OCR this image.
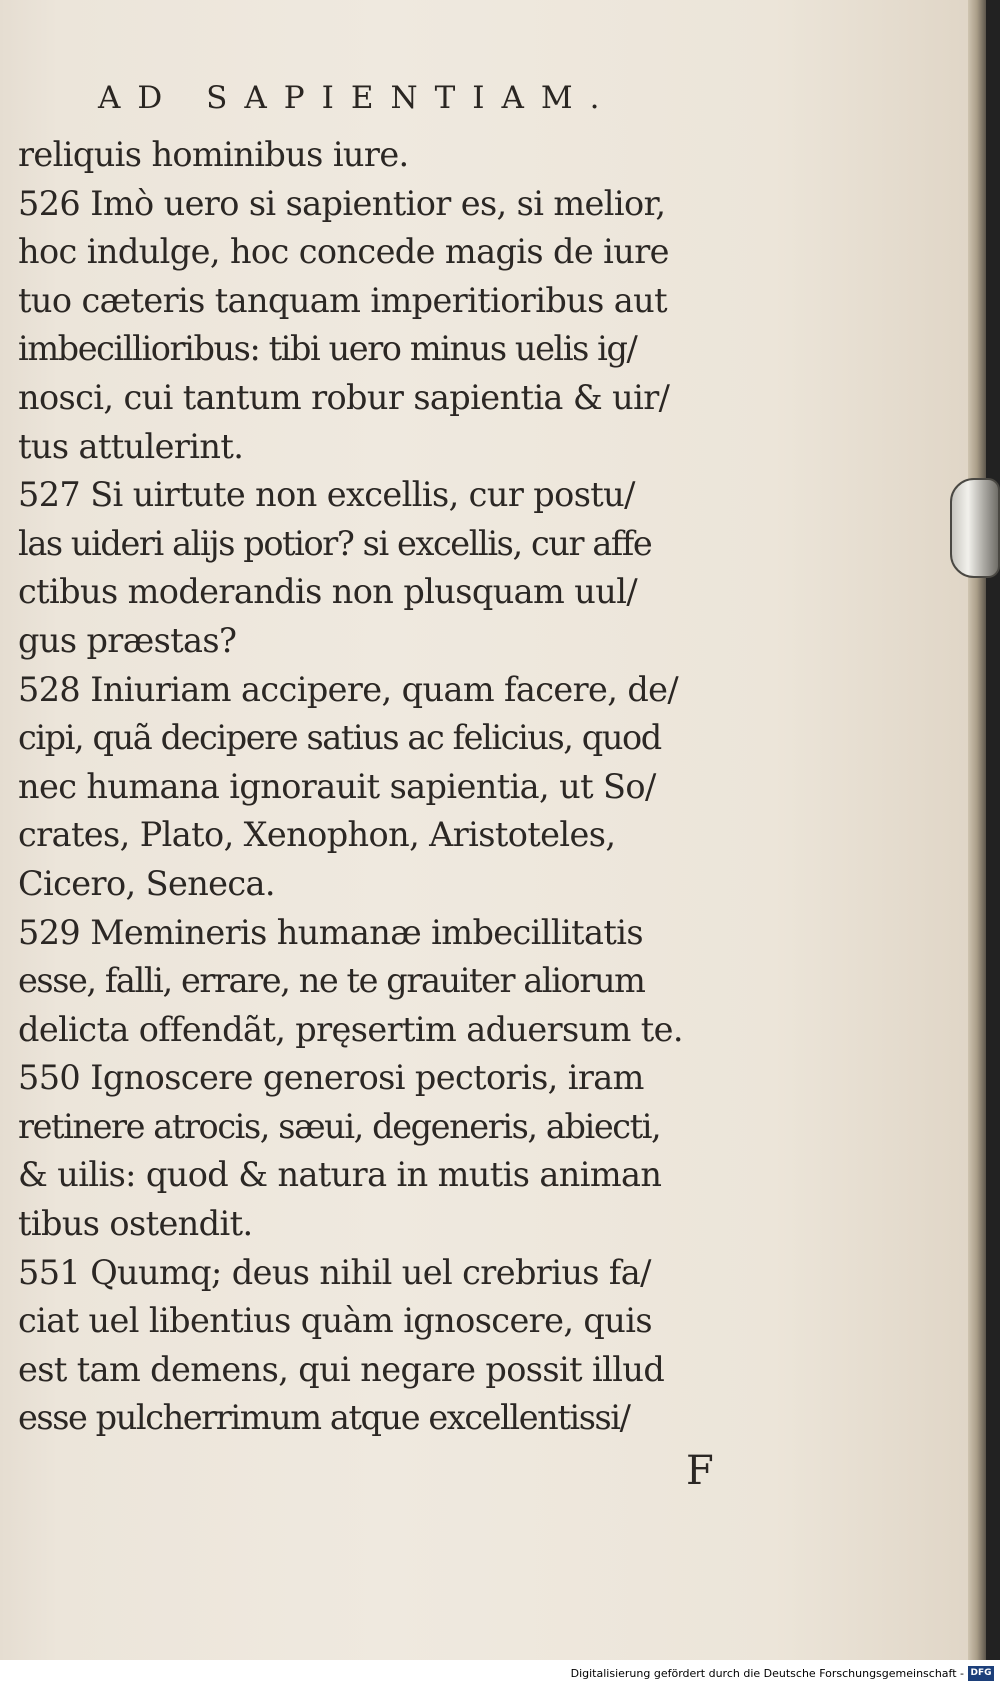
AD SAPIENTIAM.
reliquis hominibus iure.
526 Imò uero si sapientior es, si melior,
hoc indulge, hoc concede magis de iure
tuo cæteris tanquam imperitioribus aut
imbecillioribus: tibi uero minus uelis ig/
nosci, cui tantum robur sapientia & uir/
tus attulerint.
527 Si uirtute non excellis, cur postu/
las uideri alijs potior? si excellis, cur affe
ctibus moderandis non plusquam uul/
gus præstas?
528 Iniuriam accipere, quam facere, de/
cipi, quã decipere satius ac felicius, quod
nec humana ignorauit sapientia, ut So/
crates, Plato, Xenophon, Aristoteles,
Cicero, Seneca.
529 Memineris humanæ imbecillitatis
esse, falli, errare, ne te grauiter aliorum
delicta offendãt, pręsertim aduersum te.
550 Ignoscere generosi pectoris, iram
retinere atrocis, sæui, degeneris, abiecti,
& uilis: quod & natura in mutis animan
tibus ostendit.
551 Quumq; deus nihil uel crebrius fa/
ciat uel libentius quàm ignoscere, quis
est tam demens, qui negare possit illud
esse pulcherrimum atque excellentissi/
F
Digitalisierung gefördert durch die Deutsche Forschungsgemeinschaft - DFG
